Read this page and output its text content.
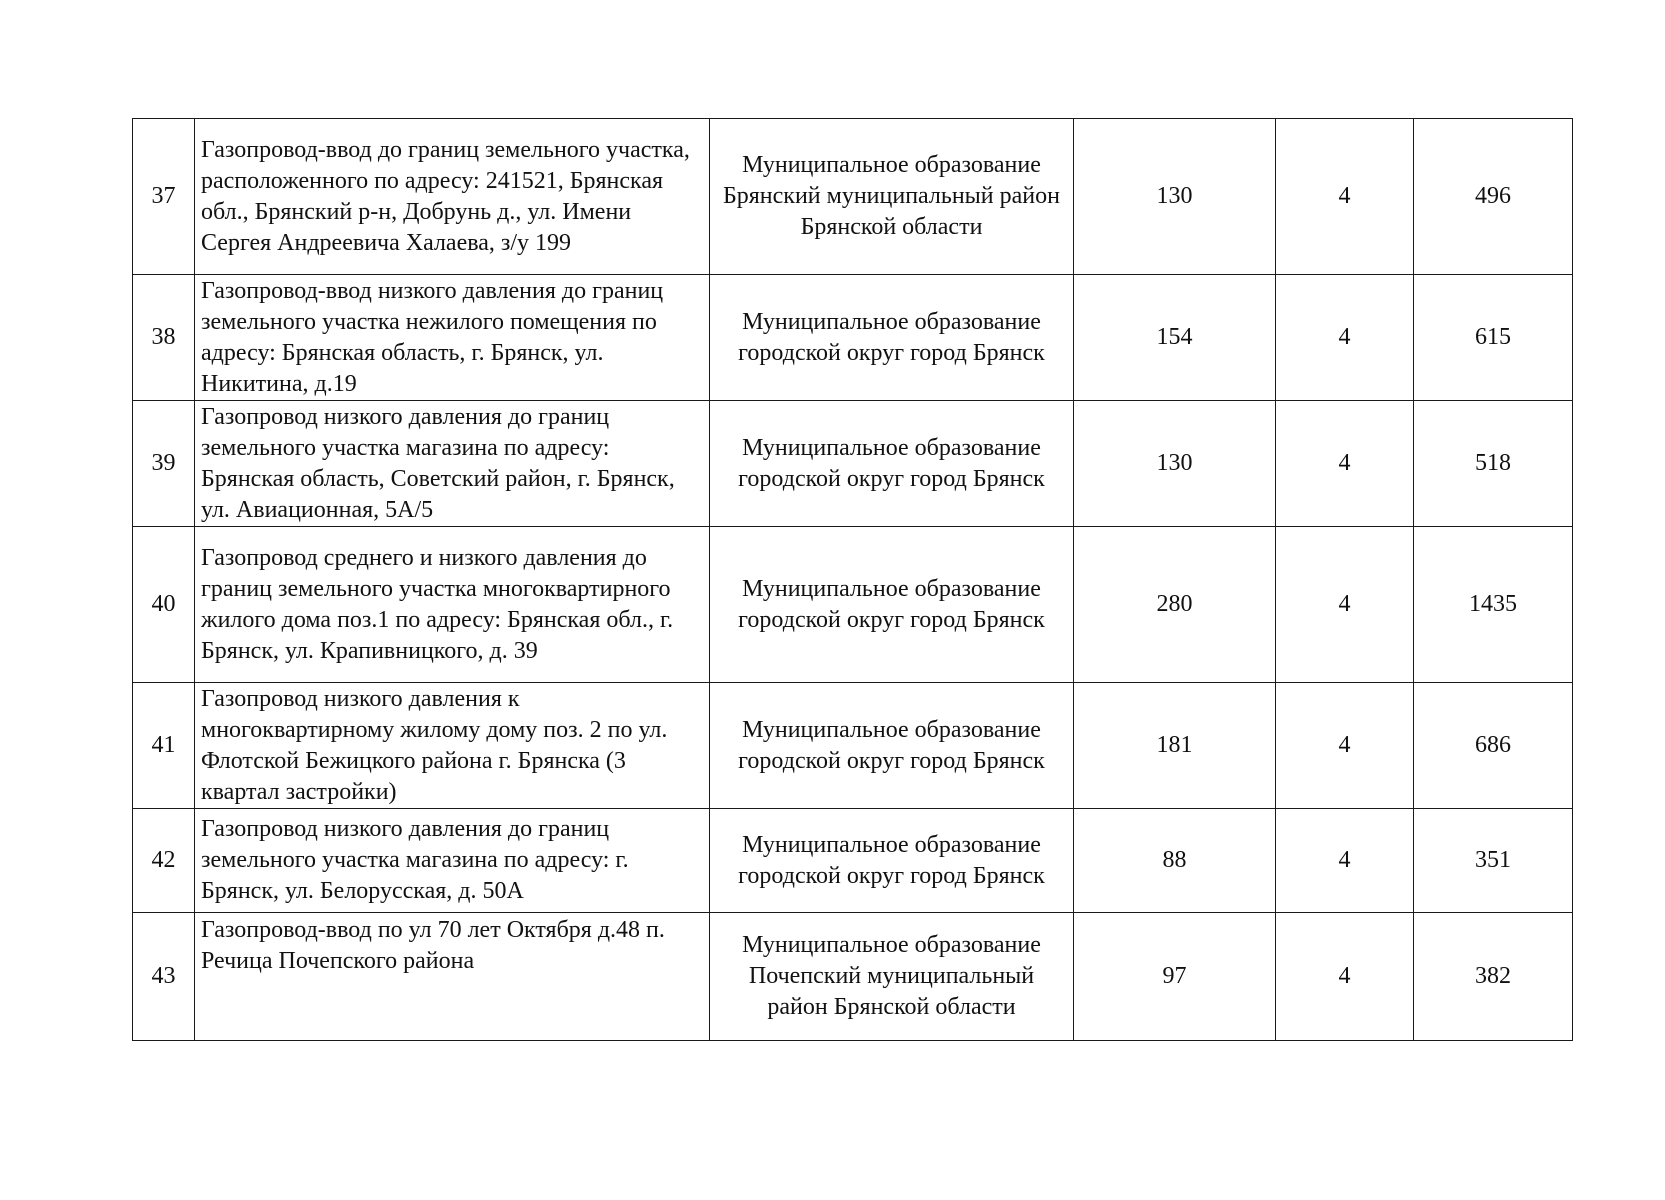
37	Газопровод-ввод до границ земельного участка, расположенного по адресу: 241521, Брянская обл., Брянский р-н, Добрунь д., ул. Имени Сергея Андреевича Халаева, з/у 199	Муниципальное образование Брянский муниципальный район Брянской области	130	4	496
38	Газопровод-ввод низкого давления до границ земельного участка нежилого помещения по адресу: Брянская область, г. Брянск, ул. Никитина, д.19	Муниципальное образование городской округ город Брянск	154	4	615
39	Газопровод низкого давления до границ земельного участка магазина по адресу: Брянская область, Советский район, г. Брянск, ул. Авиационная, 5А/5	Муниципальное образование городской округ город Брянск	130	4	518
40	Газопровод среднего и низкого давления до границ земельного участка многоквартирного жилого дома поз.1 по адресу: Брянская обл., г. Брянск, ул. Крапивницкого, д. 39	Муниципальное образование городской округ город Брянск	280	4	1435
41	Газопровод низкого давления к многоквартирному жилому дому поз. 2 по ул. Флотской Бежицкого района г. Брянска (3 квартал застройки)	Муниципальное образование городской округ город Брянск	181	4	686
42	Газопровод низкого давления до границ земельного участка магазина по адресу: г. Брянск, ул. Белорусская, д. 50А	Муниципальное образование городской округ город Брянск	88	4	351
43	Газопровод-ввод по ул 70 лет Октября д.48 п. Речица Почепского района	Муниципальное образование Почепский муниципальный район Брянской области	97	4	382
